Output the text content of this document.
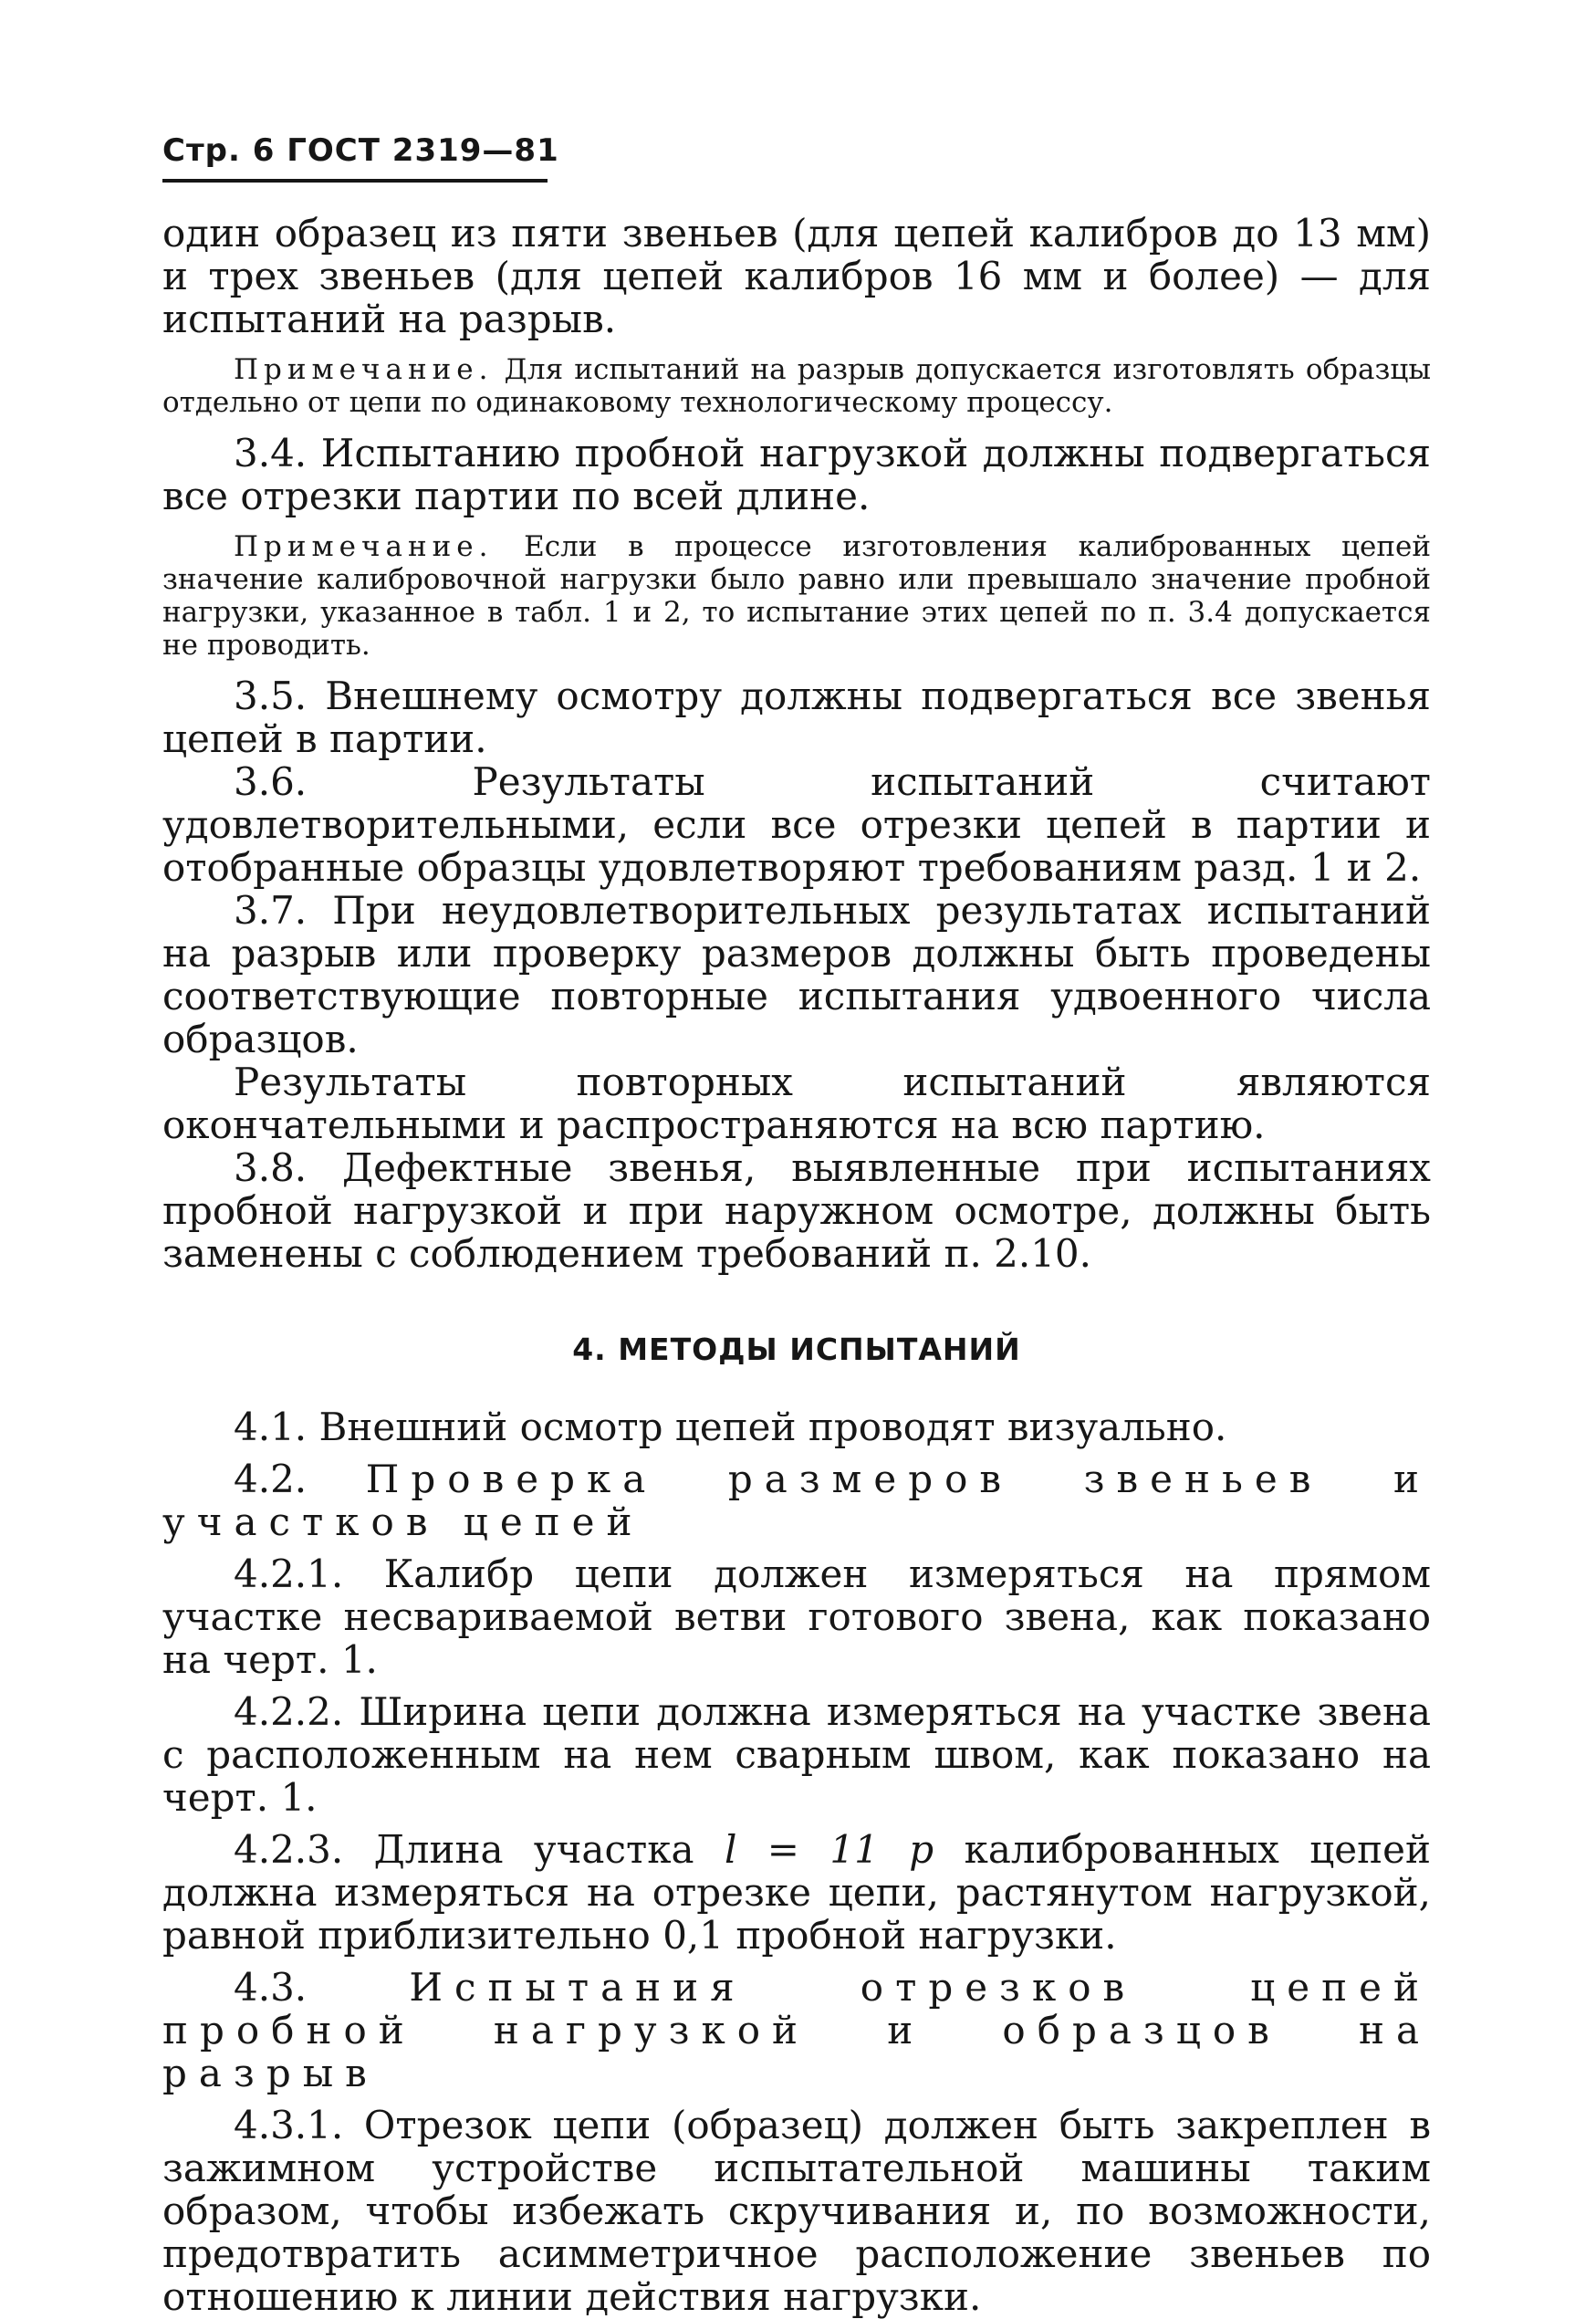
Стр. 6 ГОСТ 2319—81

один образец из пяти звеньев (для цепей калибров до 13 мм) и трех звеньев (для цепей калибров 16 мм и более) — для испытаний на разрыв.

Примечание. Для испытаний на разрыв допускается изготовлять образцы отдельно от цепи по одинаковому технологическому процессу.

3.4. Испытанию пробной нагрузкой должны подвергаться все отрезки партии по всей длине.

Примечание. Если в процессе изготовления калиброванных цепей значение калибровочной нагрузки было равно или превышало значение пробной нагрузки, указанное в табл. 1 и 2, то испытание этих цепей по п. 3.4 допускается не проводить.

3.5. Внешнему осмотру должны подвергаться все звенья цепей в партии.

3.6. Результаты испытаний считают удовлетворительными, если все отрезки цепей в партии и отобранные образцы удовлетворяют требованиям разд. 1 и 2.

3.7. При неудовлетворительных результатах испытаний на разрыв или проверку размеров должны быть проведены соответствующие повторные испытания удвоенного числа образцов.

Результаты повторных испытаний являются окончательными и распространяются на всю партию.

3.8. Дефектные звенья, выявленные при испытаниях пробной нагрузкой и при наружном осмотре, должны быть заменены с соблюдением требований п. 2.10.

4. МЕТОДЫ ИСПЫТАНИЙ

4.1. Внешний осмотр цепей проводят визуально.

4.2. Проверка размеров звеньев и участков цепей

4.2.1. Калибр цепи должен измеряться на прямом участке несвариваемой ветви готового звена, как показано на черт. 1.

4.2.2. Ширина цепи должна измеряться на участке звена с расположенным на нем сварным швом, как показано на черт. 1.

4.2.3. Длина участка l = 11 p калиброванных цепей должна измеряться на отрезке цепи, растянутом нагрузкой, равной приблизительно 0,1 пробной нагрузки.

4.3. Испытания отрезков цепей пробной нагрузкой и образцов на разрыв

4.3.1. Отрезок цепи (образец) должен быть закреплен в зажимном устройстве испытательной машины таким образом, чтобы избежать скручивания и, по возможности, предотвратить асимметричное расположение звеньев по отношению к линии действия нагрузки.
